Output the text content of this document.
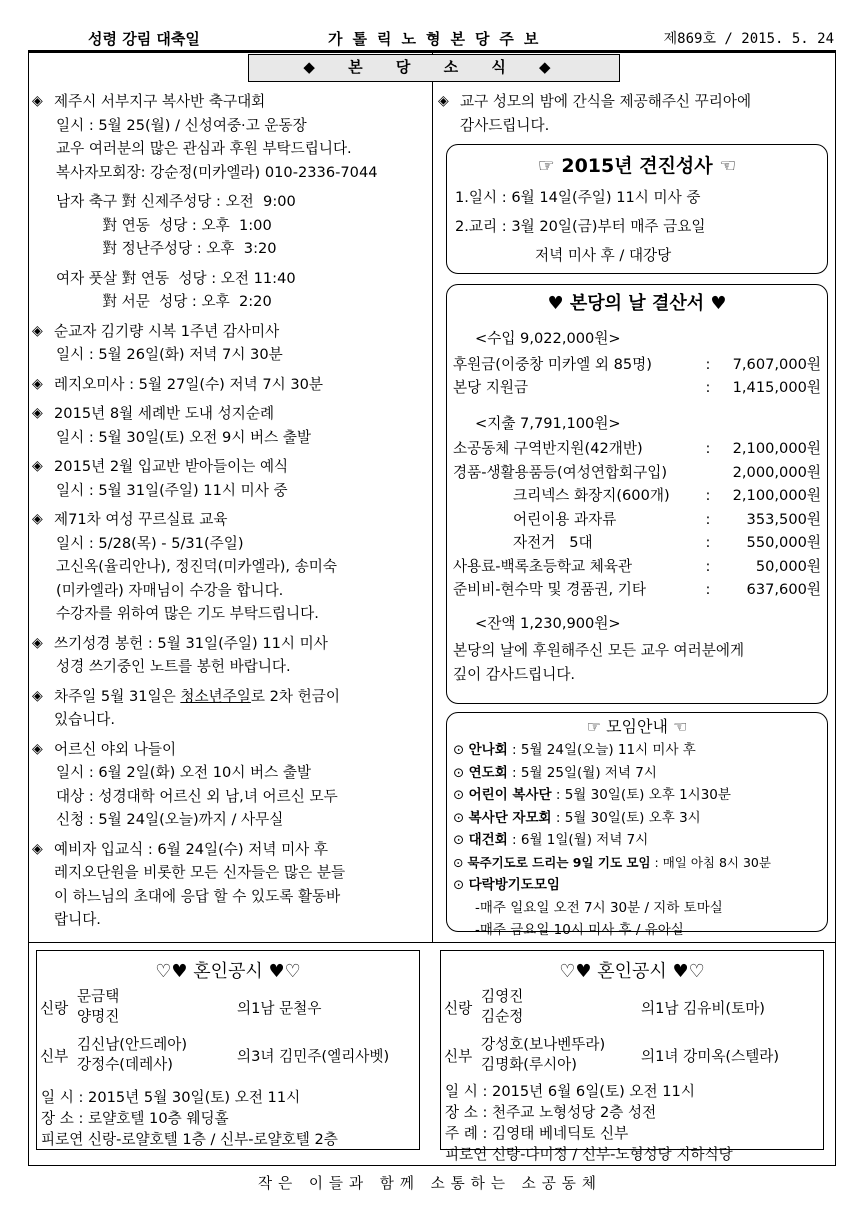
성령 강림 대축일	가톨릭노형본당주보	제869호 / 2015. 5. 24
◆ 본 당 소 식 ◆
◈ 제주시 서부지구 복사반 축구대회
일시 : 5월 25(월) / 신성여중·고 운동장
교우 여러분의 많은 관심과 후원 부탁드립니다.
복사자모회장: 강순정(미카엘라) 010-2336-7044
남자 축구 對 신제주성당 : 오전  9:00
對 연동  성당 : 오후  1:00
對 정난주성당 : 오후  3:20
여자 풋살 對 연동  성당 : 오전 11:40
對 서문  성당 : 오후  2:20
◈ 순교자 김기량 시복 1주년 감사미사
일시 : 5월 26일(화) 저녁 7시 30분
◈ 레지오미사 : 5월 27일(수) 저녁 7시 30분
◈ 2015년 8월 세례반 도내 성지순례
일시 : 5월 30일(토) 오전 9시 버스 출발
◈ 2015년 2월 입교반 받아들이는 예식
일시 : 5월 31일(주일) 11시 미사 중
◈ 제71차 여성 꾸르실료 교육
일시 : 5/28(목) - 5/31(주일)
고신옥(율리안나), 정진덕(미카엘라), 송미숙
(미카엘라) 자매님이 수강을 합니다.
수강자를 위하여 많은 기도 부탁드립니다.
◈ 쓰기성경 봉헌 : 5월 31일(주일) 11시 미사
성경 쓰기중인 노트를 봉헌 바랍니다.
◈ 차주일 5월 31일은 청소년주일로 2차 헌금이
있습니다.
◈ 어르신 야외 나들이
일시 : 6월 2일(화) 오전 10시 버스 출발
대상 : 성경대학 어르신 외 남,녀 어르신 모두
신청 : 5월 24일(오늘)까지 / 사무실
◈ 예비자 입교식 : 6월 24일(수) 저녁 미사 후
레지오단원을 비롯한 모든 신자들은 많은 분들
이 하느님의 초대에 응답 할 수 있도록 활동바
랍니다.
◈ 교구 성모의 밤에 간식을 제공해주신 꾸리아에
감사드립니다.
☞ 2015년 견진성사 ☜
1.일시 : 6월 14일(주일) 11시 미사 중
2.교리 : 3월 20일(금)부터 매주 금요일
저녁 미사 후 / 대강당
♥ 본당의 날 결산서 ♥
<수입 9,022,000원>
후원금(이중창 미카엘 외 85명)	:	7,607,000원
본당 지원금	:	1,415,000원
<지출 7,791,100원>
소공동체 구역반지원(42개반)	:	2,100,000원
경품-생활용품등(여성연합회구입)	2,000,000원
크리넥스 화장지(600개)	:	2,100,000원
어린이용 과자류	:	353,500원
자전거   5대	:	550,000원
사용료-백록초등학교 체육관	:	50,000원
준비비-현수막 및 경품권, 기타	:	637,600원
<잔액 1,230,900원>
본당의 날에 후원해주신 모든 교우 여러분에게
깊이 감사드립니다.
☞ 모임안내 ☜
⊙ 안나회 : 5월 24일(오늘) 11시 미사 후
⊙ 연도회 : 5월 25일(월) 저녁 7시
⊙ 어린이 복사단 : 5월 30일(토) 오후 1시30분
⊙ 복사단 자모회 : 5월 30일(토) 오후 3시
⊙ 대건회 : 6월 1일(월) 저녁 7시
⊙ 묵주기도로 드리는 9일 기도 모임 : 매일 아침 8시 30분
⊙ 다락방기도모임
-매주 일요일 오전 7시 30분 / 지하 토마실
-매주 금요일 10시 미사 후 / 유아실
♡♥ 혼인공시 ♥♡
신랑
문금택
양명진	의1남 문철우
신부
김신남(안드레아)
강정수(데레사)	의3녀 김민주(엘리사벳)
일 시 : 2015년 5월 30일(토) 오전 11시
장 소 : 로얄호텔 10층 웨딩홀
피로연 신랑-로얄호텔 1층 / 신부-로얄호텔 2층
♡♥ 혼인공시 ♥♡
신랑
김영진
김순정	의1남 김유비(토마)
신부
강성호(보나벤뚜라)
김명화(루시아)	의1녀 강미옥(스텔라)
일 시 : 2015년 6월 6일(토) 오전 11시
장 소 : 천주교 노형성당 2층 성전
주 례 : 김영태 베네딕토 신부
피로연 신랑-다미정 / 신부-노형성당 지하식당
작은 이들과 함께 소통하는 소공동체
